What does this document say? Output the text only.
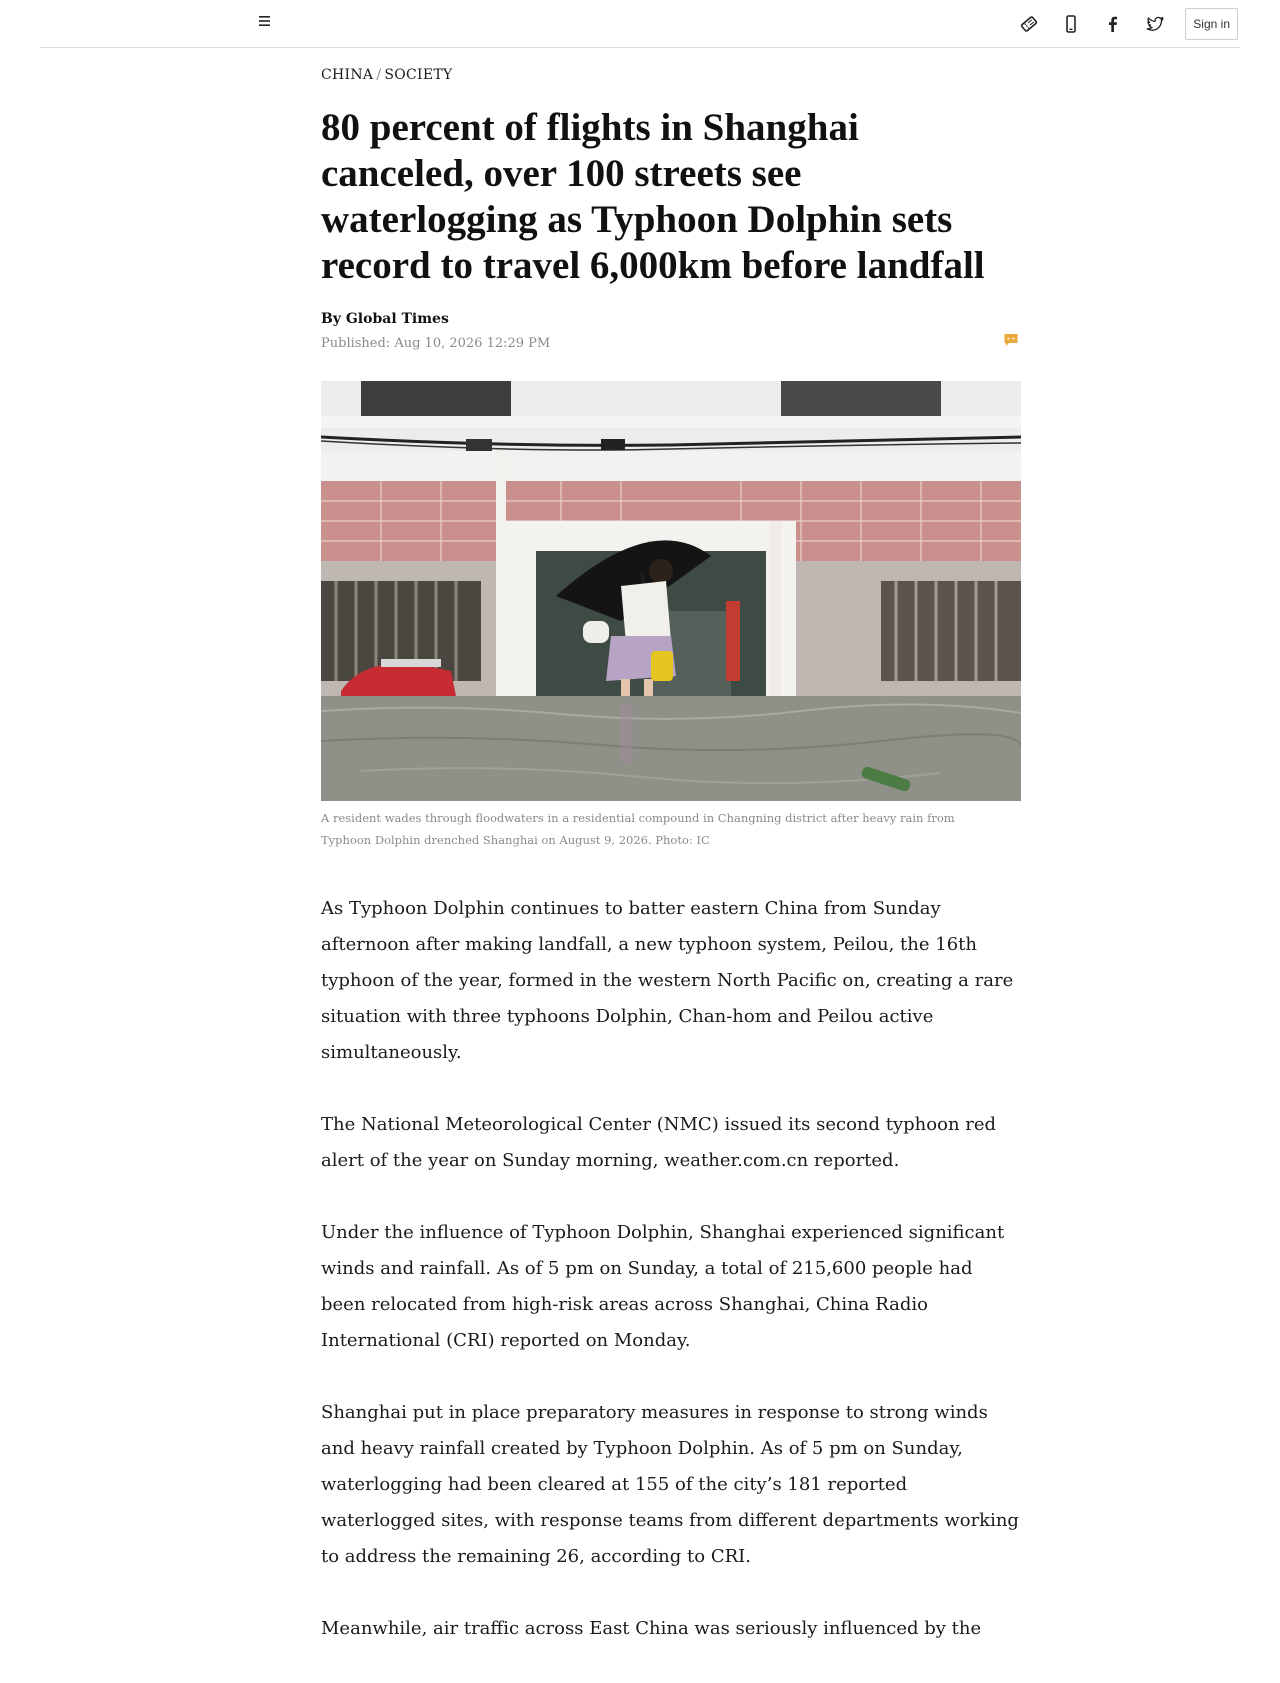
Sign in
CHINA / SOCIETY
80 percent of flights in Shanghai canceled, over 100 streets see waterlogging as Typhoon Dolphin sets record to travel 6,000km before landfall
By Global Times
Published: Aug 10, 2026 12:29 PM
A resident wades through floodwaters in a residential compound in Changning district after heavy rain from Typhoon Dolphin drenched Shanghai on August 9, 2026. Photo: IC

As Typhoon Dolphin continues to batter eastern China from Sunday afternoon after making landfall, a new typhoon system, Peilou, the 16th typhoon of the year, formed in the western North Pacific on, creating a rare situation with three typhoons Dolphin, Chan-hom and Peilou active simultaneously.

The National Meteorological Center (NMC) issued its second typhoon red alert of the year on Sunday morning, weather.com.cn reported.

Under the influence of Typhoon Dolphin, Shanghai experienced significant winds and rainfall. As of 5 pm on Sunday, a total of 215,600 people had been relocated from high-risk areas across Shanghai, China Radio International (CRI) reported on Monday.

Shanghai put in place preparatory measures in response to strong winds and heavy rainfall created by Typhoon Dolphin. As of 5 pm on Sunday, waterlogging had been cleared at 155 of the city’s 181 reported waterlogged sites, with response teams from different departments working to address the remaining 26, according to CRI.

Meanwhile, air traffic across East China was seriously influenced by the
